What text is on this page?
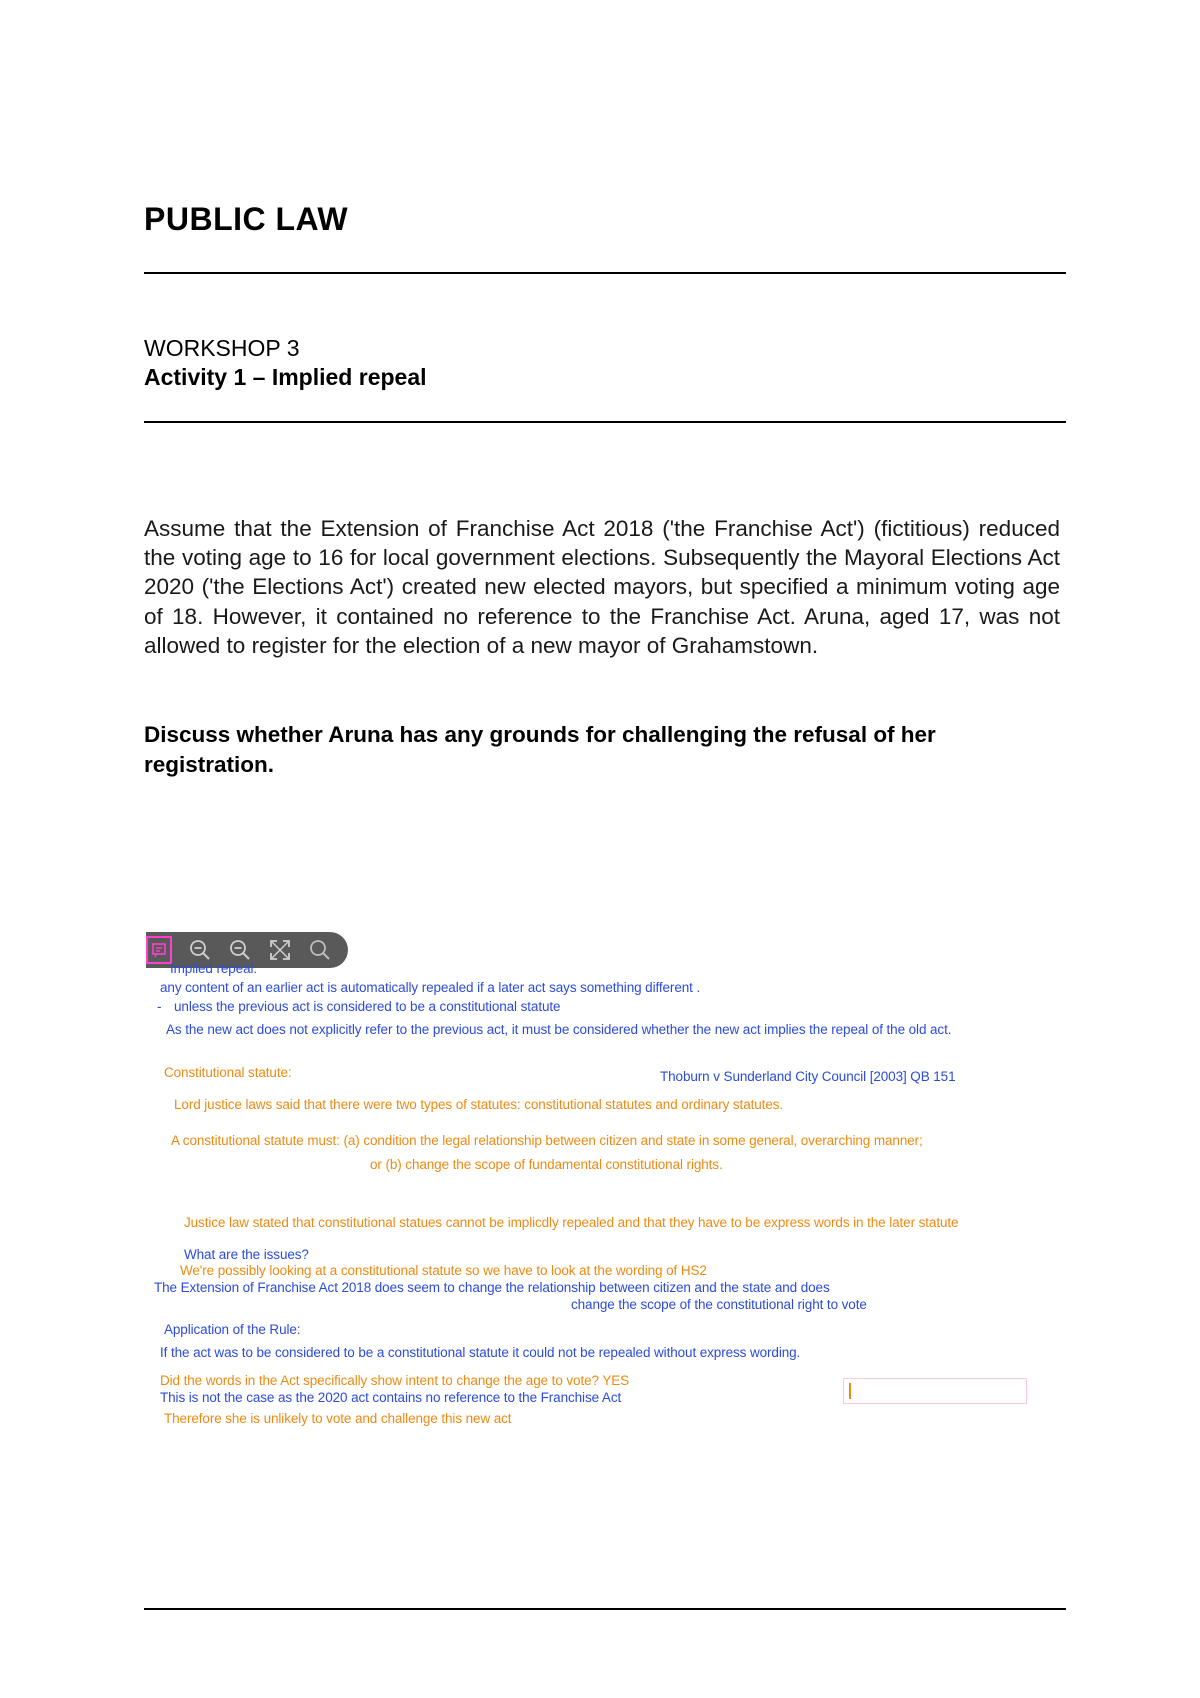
PUBLIC LAW
WORKSHOP 3
Activity 1 – Implied repeal
Assume that the Extension of Franchise Act 2018 ('the Franchise Act') (fictitious) reduced the voting age to 16 for local government elections. Subsequently the Mayoral Elections Act 2020 ('the Elections Act') created new elected mayors, but specified a minimum voting age of 18. However, it contained no reference to the Franchise Act. Aruna, aged 17, was not allowed to register for the election of a new mayor of Grahamstown.
Discuss whether Aruna has any grounds for challenging the refusal of her registration.
Implied repeal:
any content of an earlier act is automatically repealed if a later act says something different .
- unless the previous act is considered to be a constitutional statute
As the new act does not explicitly refer to the previous act, it must be considered whether the new act implies the repeal of the old act.
Constitutional statute:	Thoburn v Sunderland City Council [2003] QB 151
Lord justice laws said that there were two types of statutes: constitutional statutes and ordinary statutes.
A constitutional statute must: (a) condition the legal relationship between citizen and state in some general, overarching manner;
or (b) change the scope of fundamental constitutional rights.
Justice law stated that constitutional statues cannot be implicdly repealed and that they have to be express words in the later statute
What are the issues?
We're possibly looking at a constitutional statute so we have to look at the wording of HS2
The Extension of Franchise Act 2018 does seem to change the relationship between citizen and the state and does
change the scope of the constitutional right to vote
Application of the Rule:
If the act was to be considered to be a constitutional statute it could not be repealed without express wording.
Did the words in the Act specifically show intent to change the age to vote? YES
This is not the case as the 2020 act contains no reference to the Franchise Act
Therefore she is unlikely to vote and challenge this new act
